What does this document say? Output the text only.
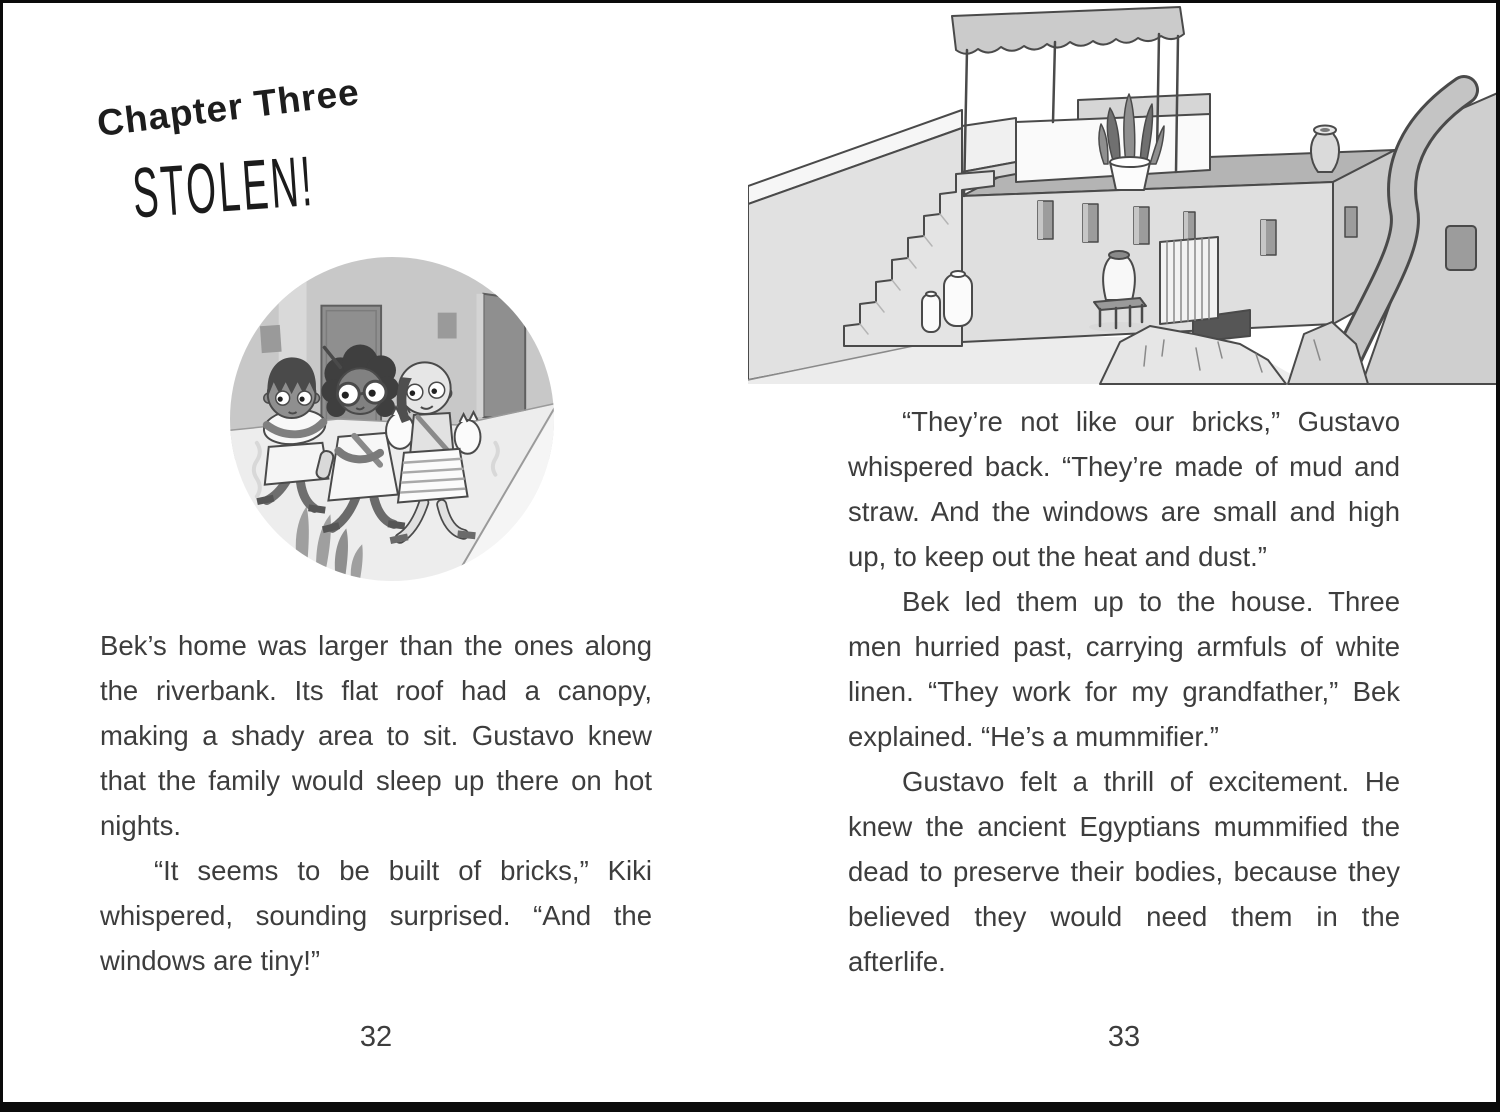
Chapter Three
STOLEN!

Bek’s home was larger than the ones along the riverbank. Its flat roof had a canopy, making a shady area to sit. Gustavo knew that the family would sleep up there on hot nights.

“It seems to be built of bricks,” Kiki whispered, sounding surprised. “And the windows are tiny!”

32

“They’re not like our bricks,” Gustavo whispered back. “They’re made of mud and straw. And the windows are small and high up, to keep out the heat and dust.”

Bek led them up to the house. Three men hurried past, carrying armfuls of white linen. “They work for my grandfather,” Bek explained. “He’s a mummifier.”

Gustavo felt a thrill of excitement. He knew the ancient Egyptians mummified the dead to preserve their bodies, because they believed they would need them in the afterlife.

33
